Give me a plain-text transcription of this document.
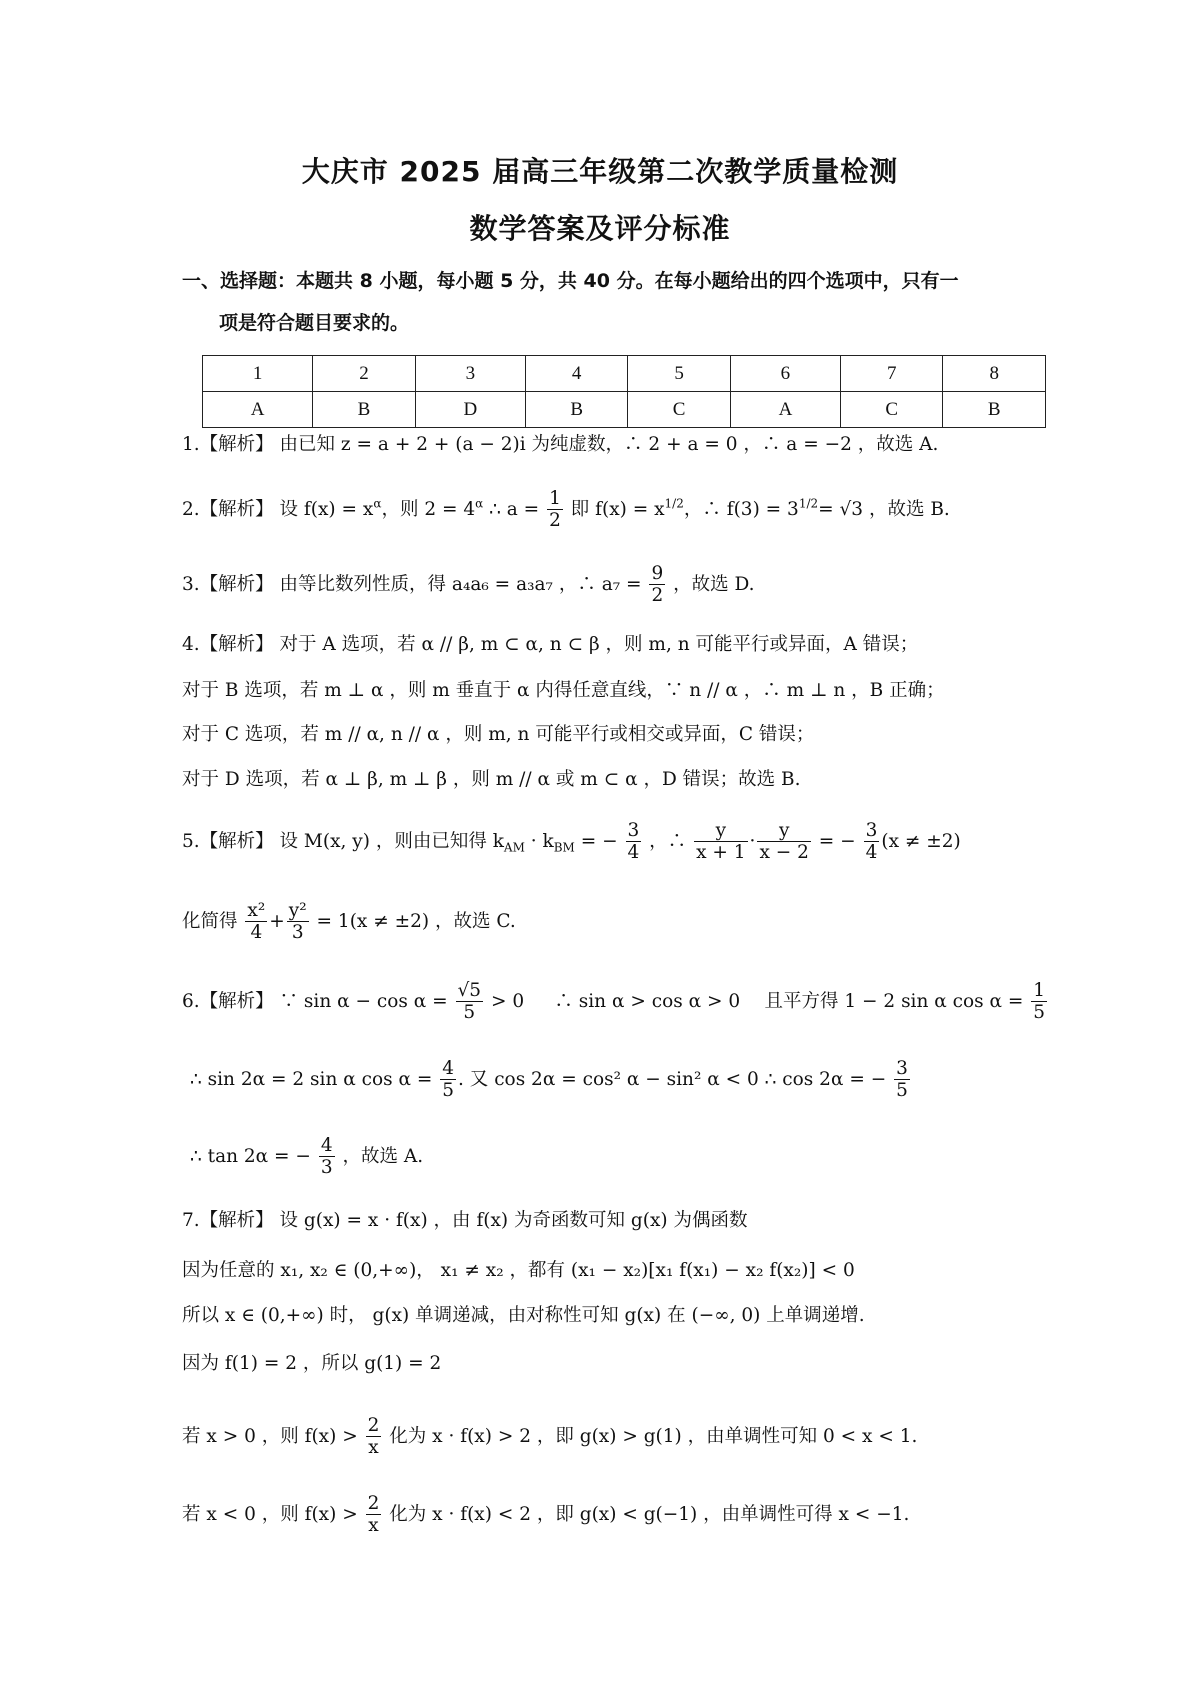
大庆市 2025 届高三年级第二次教学质量检测
数学答案及评分标准
一、选择题：本题共 8 小题，每小题 5 分，共 40 分。在每小题给出的四个选项中，只有一
项是符合题目要求的。
1	2	3	4	5	6	7	8
A	B	D	B	C	A	C	B
1.【解析】 由已知 z = a + 2 + (a − 2)i 为纯虚数，∴ 2 + a = 0 ，∴ a = −2 ，故选 A.
2.【解析】 设 $f(x) = x^\alpha$，则 $2 = 4^\alpha$ ∴ $a = \frac{1}{2}$ 即 $f(x) = x^{1/2}$，∴ $f(3) = 3^{1/2}= √3$ ，故选 B.
3.【解析】 由等比数列性质，得 a₄a₆ = a₃a₇ ，∴ $a_7 = \frac{9}{2}$ ，故选 D.
4.【解析】 对于 A 选项，若 α // β, m ⊂ α, n ⊂ β ，则 m, n 可能平行或异面，A 错误；
对于 B 选项，若 m ⊥ α ，则 m 垂直于 α 内得任意直线，∵ n // α ，∴ m ⊥ n ，B 正确；
对于 C 选项，若 m // α, n // α ，则 m, n 可能平行或相交或异面，C 错误；
对于 D 选项，若 α ⊥ β, m ⊥ β ，则 m // α 或 m ⊂ α ，D 错误；故选 B.
5.【解析】 设 M(x, y) ，则由已知得 $k_{AM} \cdot k_{BM}$ = − $\frac{3}{4}$ ，∴ $\frac{y}{x + 1} \cdot \frac{y}{x - 2}$ = − $\frac{3}{4} (x \ne \pm 2)$
化简得 $\frac{\text{x²}}{4} + \frac{\text{y²}}{3} = 1(x \ne \pm 2)$ ，故选 C.
6.【解析】 ∵ $\sin \alpha - \cos \alpha = \frac{√5}{5} > 0$ 　 ∴ sin α > cos α > 0 　且平方得 1 − 2 sin α $\cos \alpha = \frac{1}{5}$
∴ sin 2α = 2 sin α $\cos \alpha = \frac{4}{5}$ . 又 cos 2α = cos² α − sin² α < 0 ∴ cos 2α = − $\frac{3}{5}$
∴ tan 2α = − $\frac{4}{3}$ ，故选 A.
7.【解析】 设 g(x) = x · f(x) ，由 f(x) 为奇函数可知 g(x) 为偶函数
因为任意的 x₁, x₂ ∈ (0,+∞)， x₁ ≠ x₂ ，都有 (x₁ − x₂)[x₁ f(x₁) − x₂ f(x₂)] < 0
所以 x ∈ (0,+∞) 时， g(x) 单调递减，由对称性可知 g(x) 在 (−∞, 0) 上单调递增.
因为 f(1) = 2 ，所以 g(1) = 2
若 x > 0 ，则 $f(x) > \frac{2}{x}$ 化为 x · f(x) > 2 ，即 g(x) > g(1) ，由单调性可知 0 < x < 1.
若 x < 0 ，则 $f(x) > \frac{2}{x}$ 化为 x · f(x) < 2 ，即 g(x) < g(−1) ，由单调性可得 x < −1.
